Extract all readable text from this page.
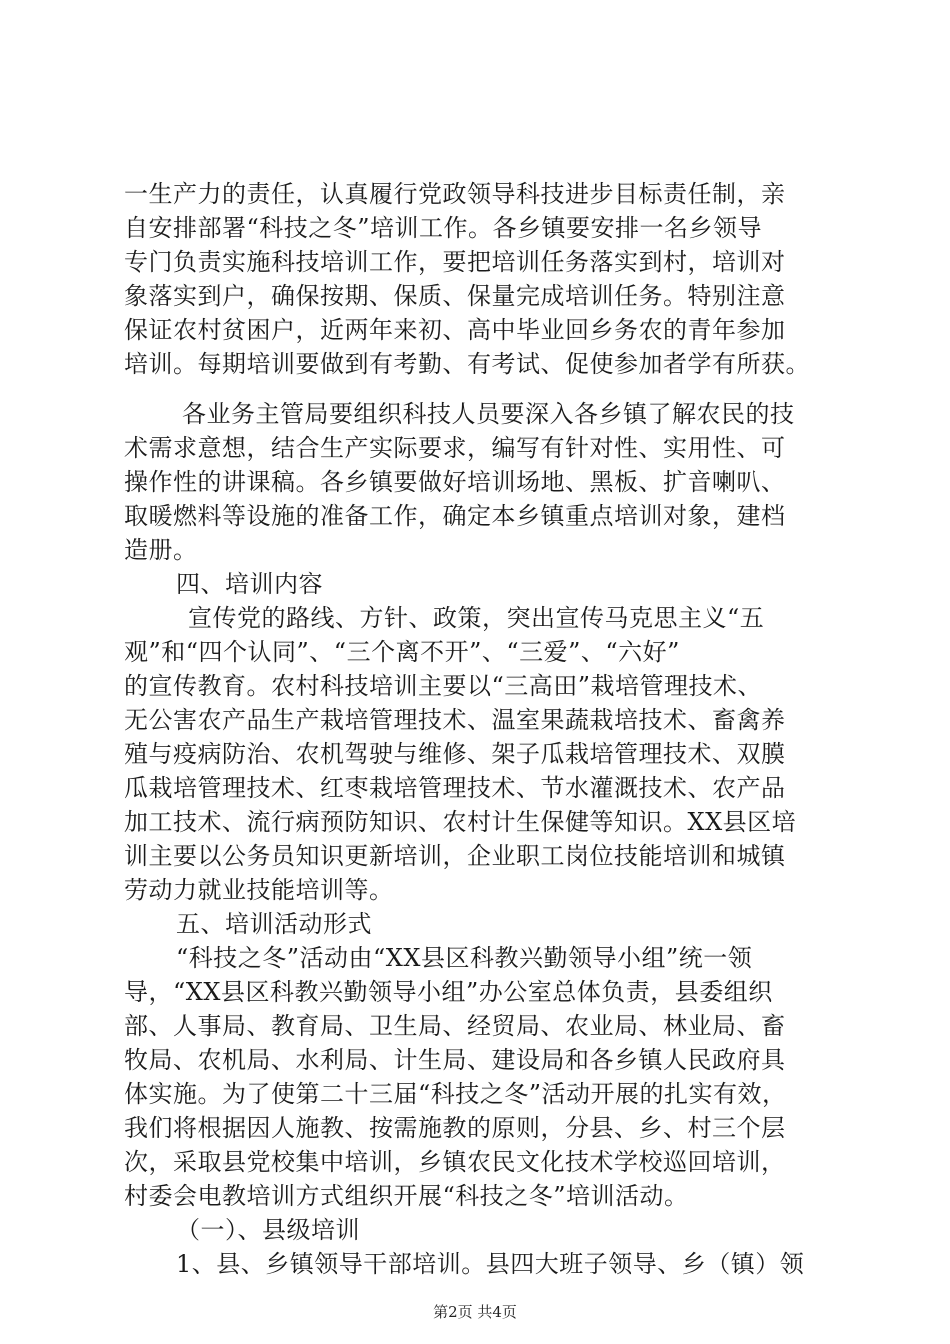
一生产力的责任，认真履行党政领导科技进步目标责任制，亲
自安排部署“科技之冬”培训工作。各乡镇要安排一名乡领导
专门负责实施科技培训工作，要把培训任务落实到村，培训对
象落实到户，确保按期、保质、保量完成培训任务。特别注意
保证农村贫困户，近两年来初、高中毕业回乡务农的青年参加
培训。每期培训要做到有考勤、有考试、促使参加者学有所获。
各业务主管局要组织科技人员要深入各乡镇了解农民的技
术需求意想，结合生产实际要求，编写有针对性、实用性、可
操作性的讲课稿。各乡镇要做好培训场地、黑板、扩音喇叭、
取暖燃料等设施的准备工作，确定本乡镇重点培训对象，建档
造册。
四、培训内容
宣传党的路线、方针、政策，突出宣传马克思主义“五
观”和“四个认同”、“三个离不开”、“三爱”、“六好”
的宣传教育。农村科技培训主要以“三高田”栽培管理技术、
无公害农产品生产栽培管理技术、温室果蔬栽培技术、畜禽养
殖与疫病防治、农机驾驶与维修、架子瓜栽培管理技术、双膜
瓜栽培管理技术、红枣栽培管理技术、节水灌溉技术、农产品
加工技术、流行病预防知识、农村计生保健等知识。XX县区培
训主要以公务员知识更新培训，企业职工岗位技能培训和城镇
劳动力就业技能培训等。
五、培训活动形式
“科技之冬”活动由“XX县区科教兴勤领导小组”统一领
导，“XX县区科教兴勤领导小组”办公室总体负责，县委组织
部、人事局、教育局、卫生局、经贸局、农业局、林业局、畜
牧局、农机局、水利局、计生局、建设局和各乡镇人民政府具
体实施。为了使第二十三届“科技之冬”活动开展的扎实有效，
我们将根据因人施教、按需施教的原则，分县、乡、村三个层
次，采取县党校集中培训，乡镇农民文化技术学校巡回培训，
村委会电教培训方式组织开展“科技之冬”培训活动。
（一）、县级培训
1、县、乡镇领导干部培训。县四大班子领导、乡（镇）领
第2页 共4页
